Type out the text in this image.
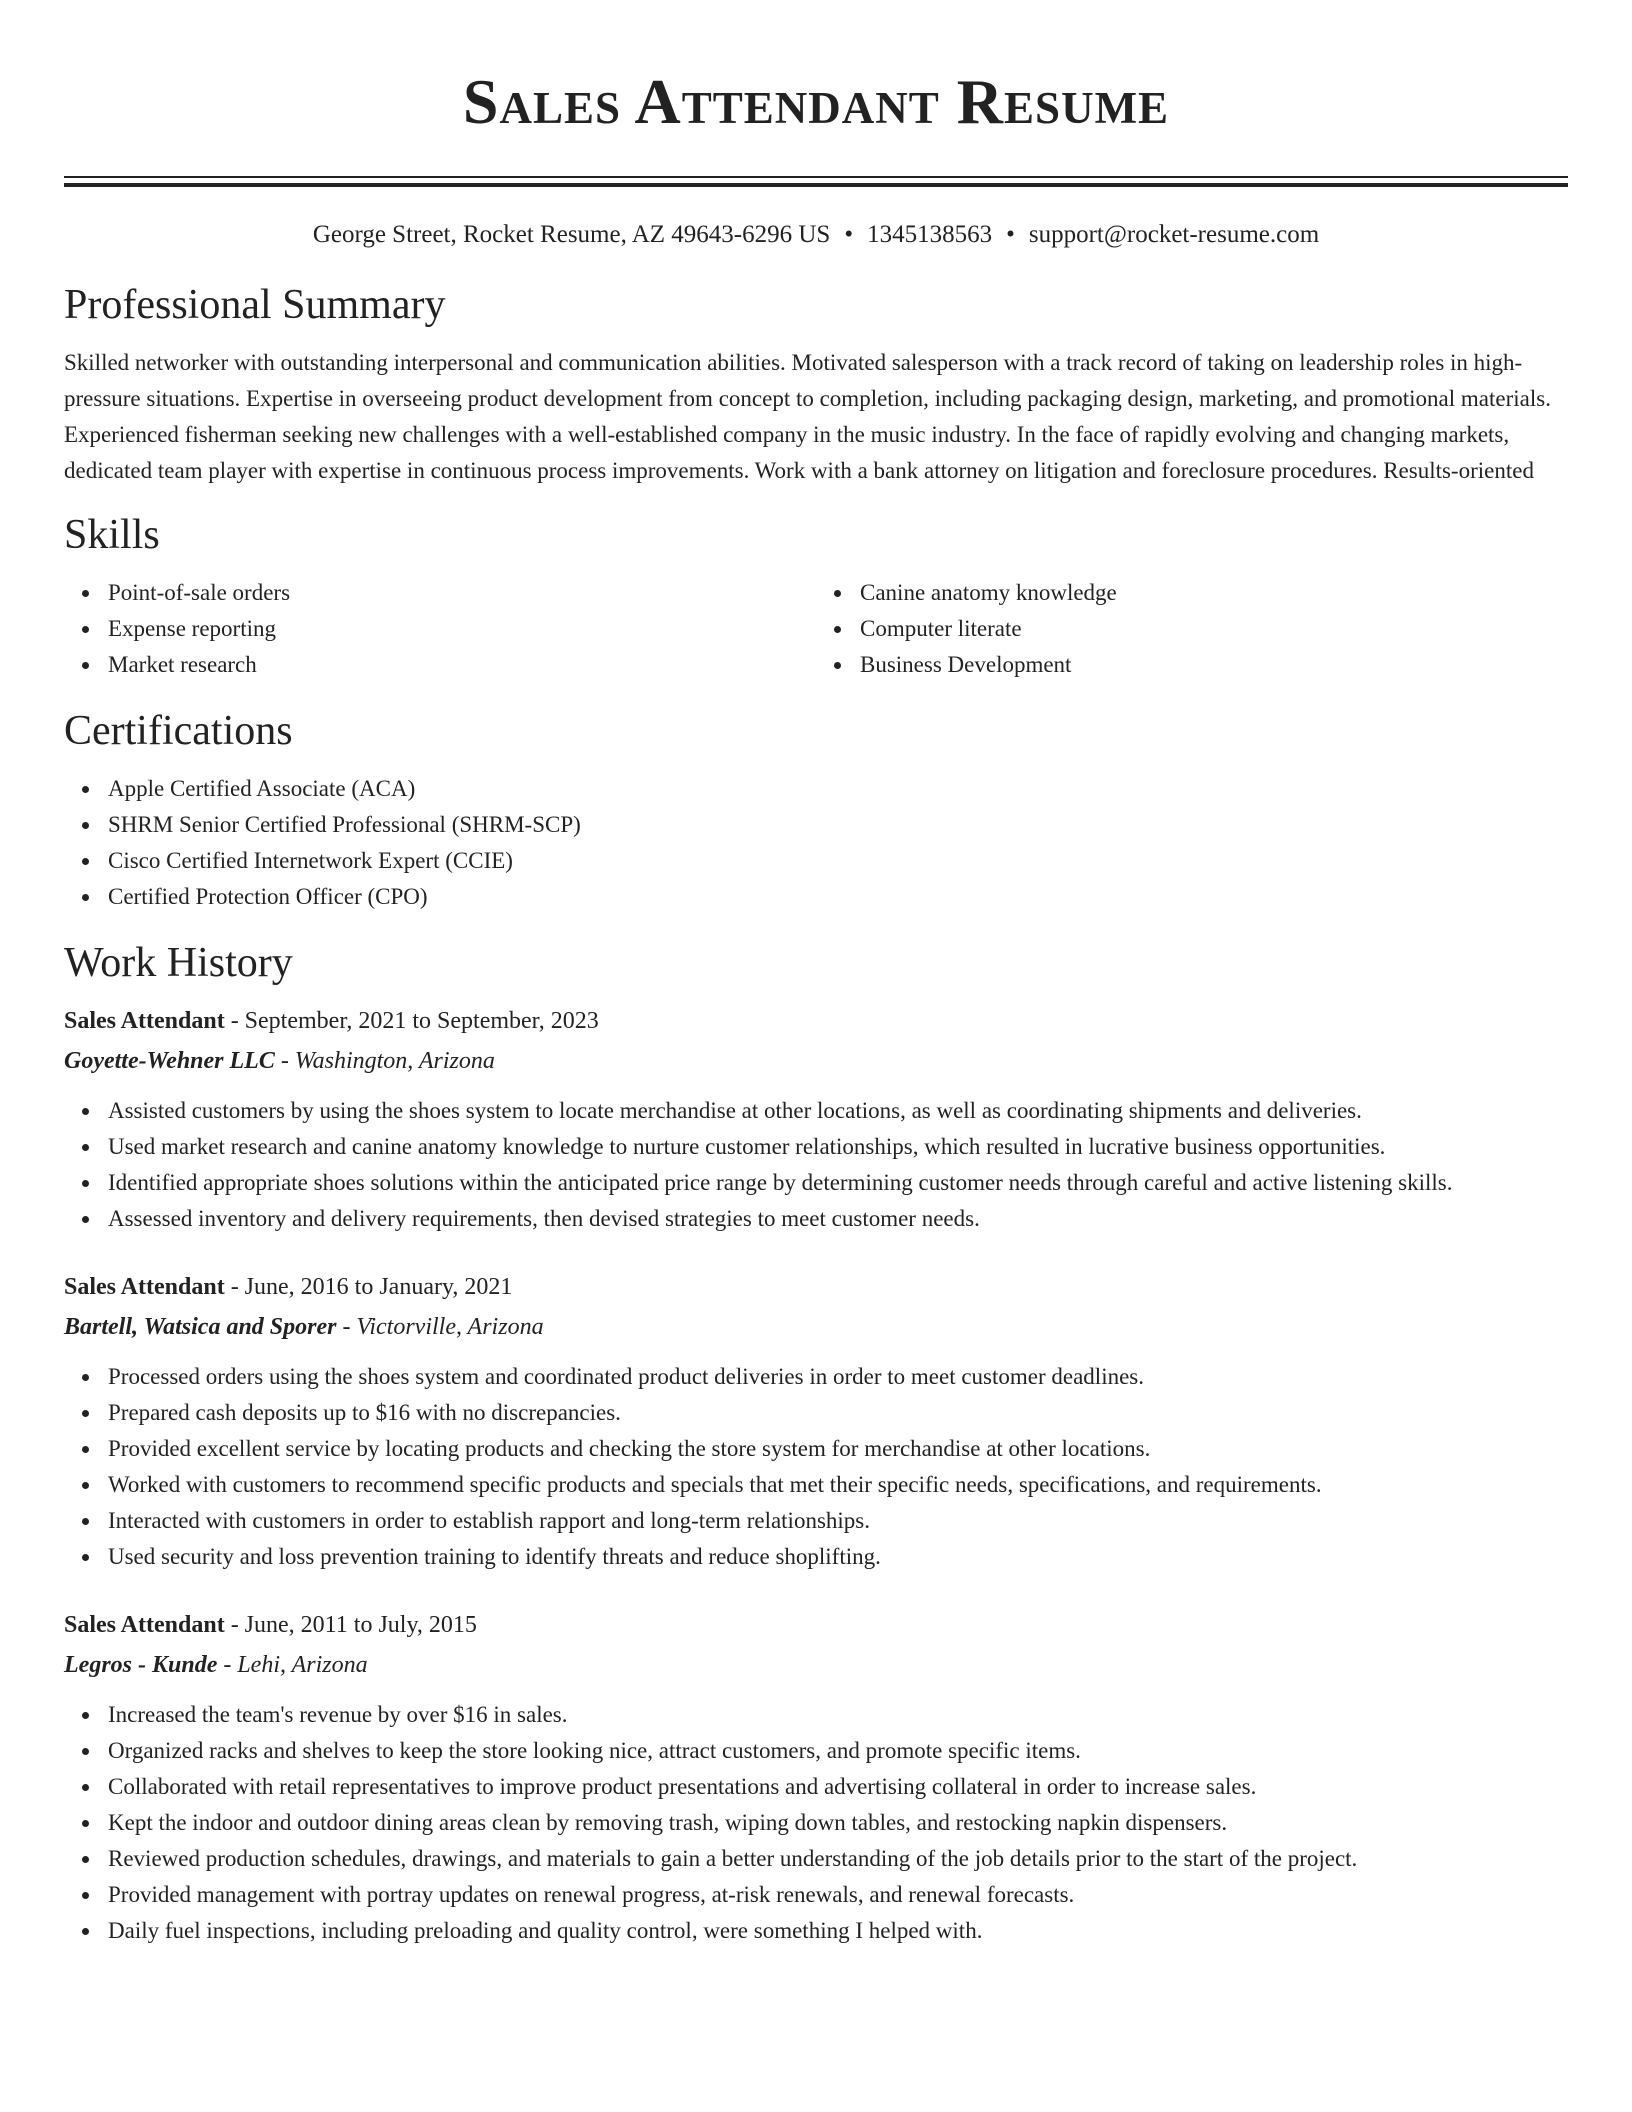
Sales Attendant Resume
George Street, Rocket Resume, AZ 49643-6296 US • 1345138563 • support@rocket-resume.com
Professional Summary

Skilled networker with outstanding interpersonal and communication abilities. Motivated salesperson with a track record of taking on leadership roles in high-pressure situations. Expertise in overseeing product development from concept to completion, including packaging design, marketing, and promotional materials. Experienced fisherman seeking new challenges with a well-established company in the music industry. In the face of rapidly evolving and changing markets, dedicated team player with expertise in continuous process improvements. Work with a bank attorney on litigation and foreclosure procedures. Results-oriented

Skills
Point-of-sale orders
Expense reporting
Market research
Canine anatomy knowledge
Computer literate
Business Development
Certifications
Apple Certified Associate (ACA)
SHRM Senior Certified Professional (SHRM-SCP)
Cisco Certified Internetwork Expert (CCIE)
Certified Protection Officer (CPO)
Work History
Sales Attendant - September, 2021 to September, 2023
Goyette-Wehner LLC - Washington, Arizona
Assisted customers by using the shoes system to locate merchandise at other locations, as well as coordinating shipments and deliveries.
Used market research and canine anatomy knowledge to nurture customer relationships, which resulted in lucrative business opportunities.
Identified appropriate shoes solutions within the anticipated price range by determining customer needs through careful and active listening skills.
Assessed inventory and delivery requirements, then devised strategies to meet customer needs.
Sales Attendant - June, 2016 to January, 2021
Bartell, Watsica and Sporer - Victorville, Arizona
Processed orders using the shoes system and coordinated product deliveries in order to meet customer deadlines.
Prepared cash deposits up to $16 with no discrepancies.
Provided excellent service by locating products and checking the store system for merchandise at other locations.
Worked with customers to recommend specific products and specials that met their specific needs, specifications, and requirements.
Interacted with customers in order to establish rapport and long-term relationships.
Used security and loss prevention training to identify threats and reduce shoplifting.
Sales Attendant - June, 2011 to July, 2015
Legros - Kunde - Lehi, Arizona
Increased the team's revenue by over $16 in sales.
Organized racks and shelves to keep the store looking nice, attract customers, and promote specific items.
Collaborated with retail representatives to improve product presentations and advertising collateral in order to increase sales.
Kept the indoor and outdoor dining areas clean by removing trash, wiping down tables, and restocking napkin dispensers.
Reviewed production schedules, drawings, and materials to gain a better understanding of the job details prior to the start of the project.
Provided management with portray updates on renewal progress, at-risk renewals, and renewal forecasts.
Daily fuel inspections, including preloading and quality control, were something I helped with.
